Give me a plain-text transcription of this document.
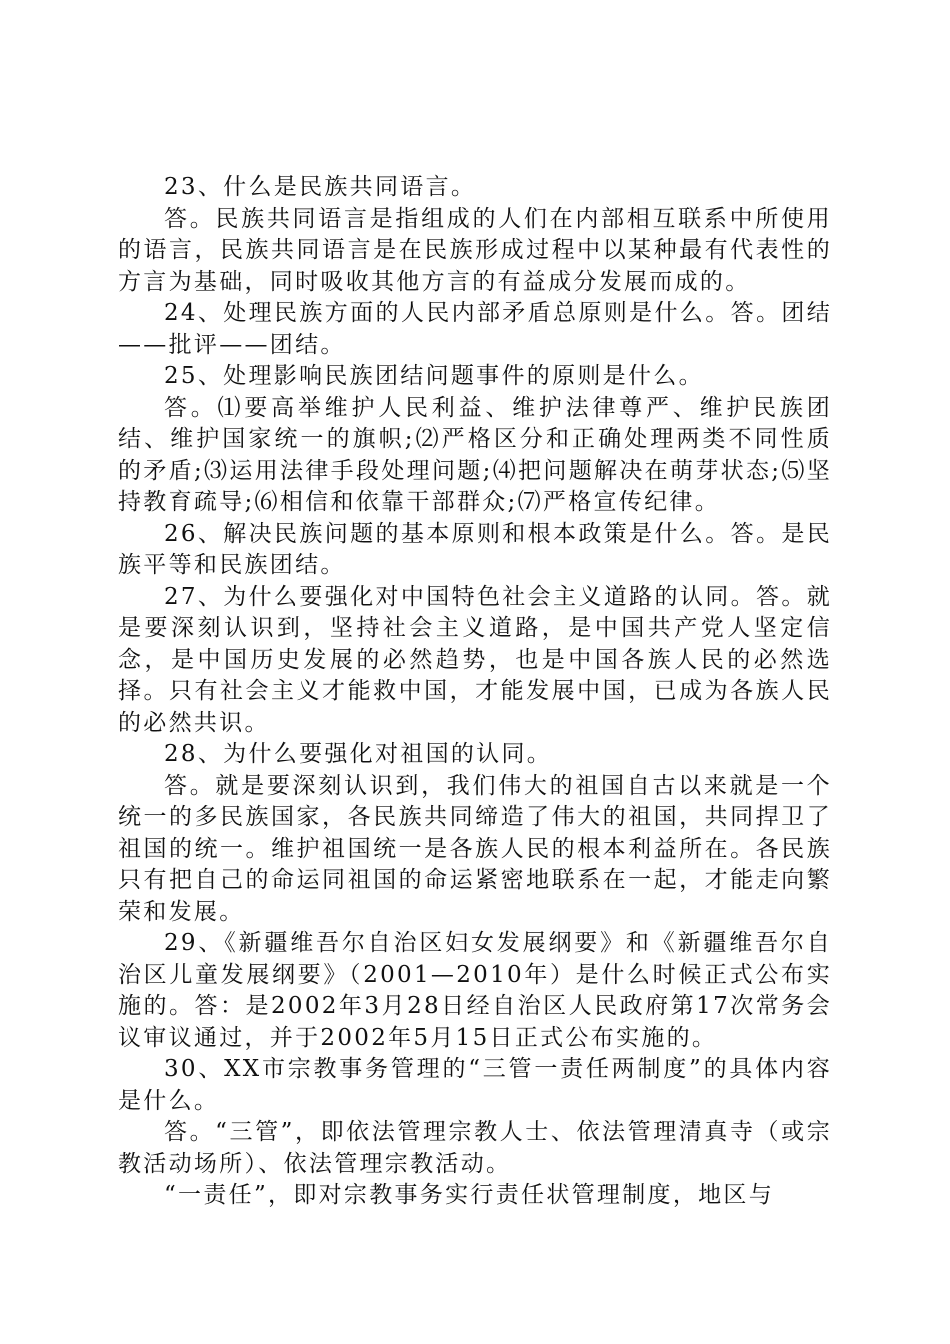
23、什么是民族共同语言。

答。民族共同语言是指组成的人们在内部相互联系中所使用的语言，民族共同语言是在民族形成过程中以某种最有代表性的方言为基础，同时吸收其他方言的有益成分发展而成的。

24、处理民族方面的人民内部矛盾总原则是什么。答。团结——批评——团结。

25、处理影响民族团结问题事件的原则是什么。

答。⑴要高举维护人民利益、维护法律尊严、维护民族团结、维护国家统一的旗帜;⑵严格区分和正确处理两类不同性质的矛盾;⑶运用法律手段处理问题;⑷把问题解决在萌芽状态;⑸坚持教育疏导;⑹相信和依靠干部群众;⑺严格宣传纪律。

26、解决民族问题的基本原则和根本政策是什么。答。是民族平等和民族团结。

27、为什么要强化对中国特色社会主义道路的认同。答。就是要深刻认识到，坚持社会主义道路，是中国共产党人坚定信念，是中国历史发展的必然趋势，也是中国各族人民的必然选择。只有社会主义才能救中国，才能发展中国，已成为各族人民的必然共识。

28、为什么要强化对祖国的认同。

答。就是要深刻认识到，我们伟大的祖国自古以来就是一个统一的多民族国家，各民族共同缔造了伟大的祖国，共同捍卫了祖国的统一。维护祖国统一是各族人民的根本利益所在。各民族只有把自己的命运同祖国的命运紧密地联系在一起，才能走向繁荣和发展。

29、《新疆维吾尔自治区妇女发展纲要》和《新疆维吾尔自治区儿童发展纲要》（2001—2010年）是什么时候正式公布实施的。答：是2002年3月28日经自治区人民政府第17次常务会议审议通过，并于2002年5月15日正式公布实施的。

30、XX市宗教事务管理的“三管一责任两制度”的具体内容是什么。

答。“三管”，即依法管理宗教人士、依法管理清真寺（或宗教活动场所）、依法管理宗教活动。

“一责任”，即对宗教事务实行责任状管理制度，地区与
